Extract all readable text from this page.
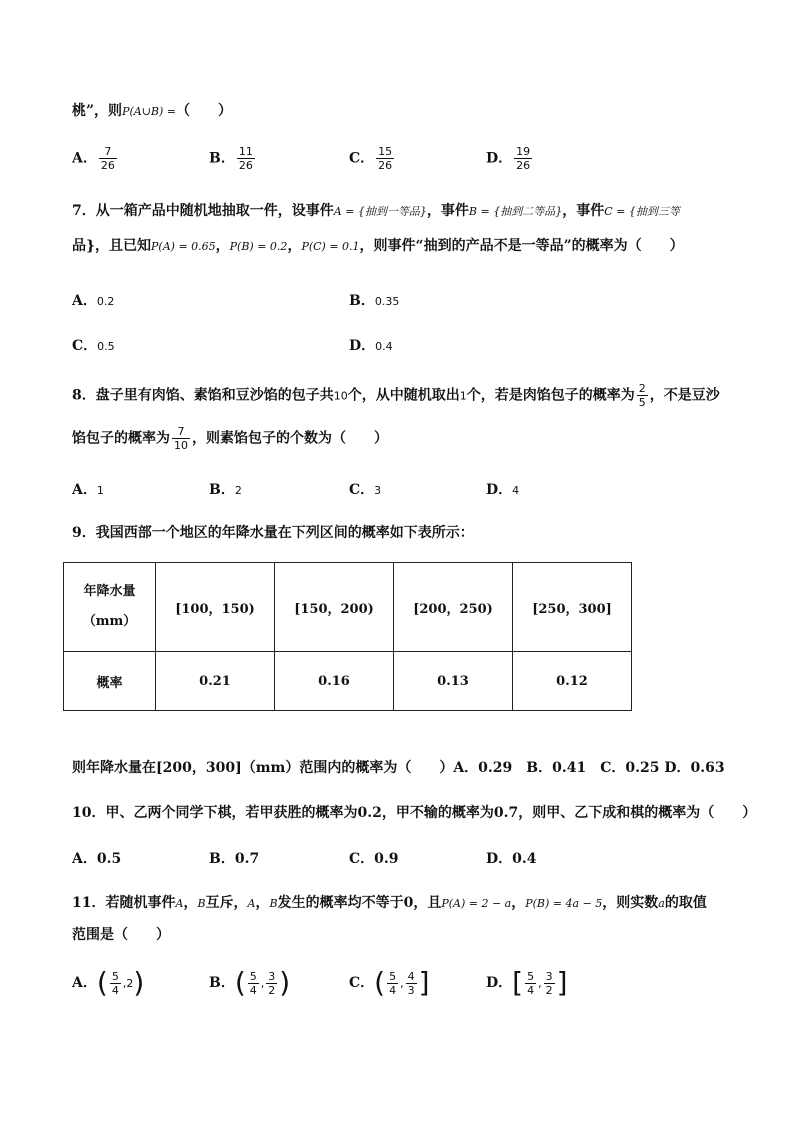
桃”，则P(A∪B) =（　　）
A． $\frac{7}{26}$	B． $\frac{11}{26}$	C． $\frac{15}{26}$	D． $\frac{19}{26}$
7．从一箱产品中随机地抽取一件，设事件A = {抽到一等品}，事件B = {抽到二等品}，事件C = {抽到三等
品}，且已知P(A) = 0.65，P(B) = 0.2，P(C) = 0.1，则事件“抽到的产品不是一等品”的概率为（　　）
A．0.2	B．0.35
C．0.5	D．0.4
8．盘子里有肉馅、素馅和豆沙馅的包子共10个，从中随机取出1个，若是肉馅包子的概率为 $\frac{2}{5}$ ，不是豆沙
馅包子的概率为 $\frac{7}{10}$ ，则素馅包子的个数为（　　）
A．1	B．2	C．3	D．4
9．我国西部一个地区的年降水量在下列区间的概率如下表所示：
年降水量
（mm）	[100，150)	[150，200)	[200，250)	[250，300]
概率	0.21	0.16	0.13	0.12
则年降水量在[200，300]（mm）范围内的概率为（　　）A．0.29　B．0.41　C．0.25 D．0.63
10．甲、乙两个同学下棋，若甲获胜的概率为0.2，甲不输的概率为0.7，则甲、乙下成和棋的概率为（　　）
A．0.5	B．0.7	C．0.9	D．0.4
11．若随机事件A，B互斥，A，B发生的概率均不等于0，且P(A) = 2 − a，P(B) = 4a − 5，则实数a的取值
范围是（　　）
A．( $\frac{5}{4} ,2$)	B．( $\frac{5}{4}$ , $\frac{3}{2}$ )	C．( $\frac{5}{4}$ , $\frac{4}{3}$ ]	D．[ $\frac{5}{4}$ , $\frac{3}{2}$ ]
